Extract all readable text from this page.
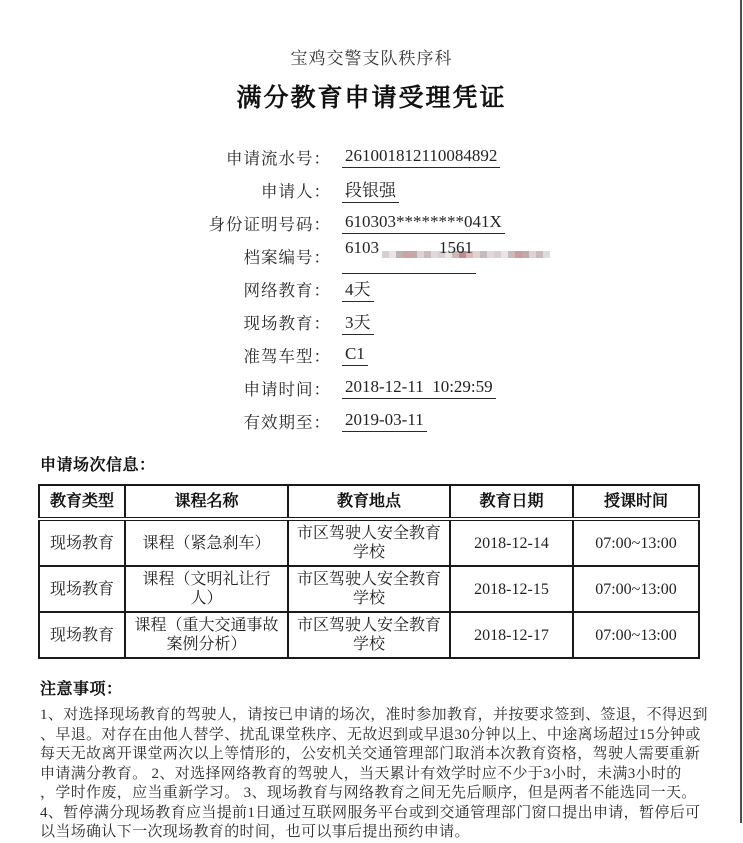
宝鸡交警支队秩序科

满分教育申请受理凭证
申请流水号： 261001812110084892
申请人： 段银强
身份证明号码： 610303********041X
档案编号：
6103	1561
网络教育： 4天
现场教育： 3天
准驾车型： C1
申请时间： 2018-12-11  10:29:59
有效期至： 2019-03-11
申请场次信息：
教育类型	课程名称	教育地点	教育日期	授课时间
现场教育	课程（紧急刹车）	市区驾驶人安全教育学校	2018-12-14	07:00~13:00
现场教育	课程（文明礼让行人）	市区驾驶人安全教育学校	2018-12-15	07:00~13:00
现场教育	课程（重大交通事故案例分析）	市区驾驶人安全教育学校	2018-12-17	07:00~13:00
注意事项：
1、对选择现场教育的驾驶人，请按已申请的场次，准时参加教育，并按要求签到、签退，不得迟到
、早退。对存在由他人替学、扰乱课堂秩序、无故迟到或早退30分钟以上、中途离场超过15分钟或
每天无故离开课堂两次以上等情形的，公安机关交通管理部门取消本次教育资格，驾驶人需要重新
申请满分教育。 2、对选择网络教育的驾驶人，当天累计有效学时应不少于3小时，未满3小时的
，学时作废，应当重新学习。 3、现场教育与网络教育之间无先后顺序，但是两者不能选同一天。
4、暂停满分现场教育应当提前1日通过互联网服务平台或到交通管理部门窗口提出申请，暂停后可
以当场确认下一次现场教育的时间，也可以事后提出预约申请。
